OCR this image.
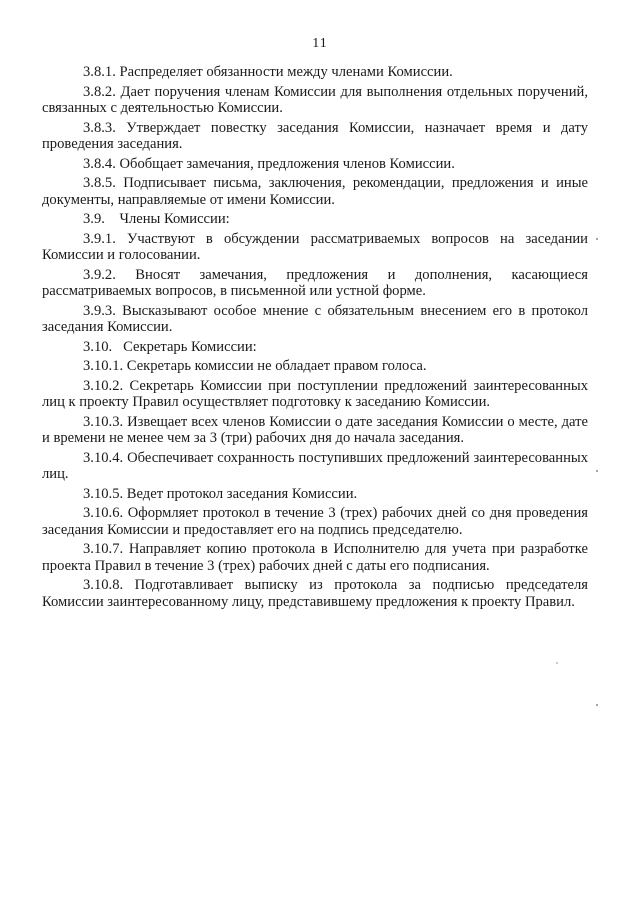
11

3.8.1. Распределяет обязанности между членами Комиссии.

3.8.2. Дает поручения членам Комиссии для выполнения отдельных поручений, связанных с деятельностью Комиссии.

3.8.3. Утверждает повестку заседания Комиссии, назначает время и дату проведения заседания.

3.8.4. Обобщает замечания, предложения членов Комиссии.

3.8.5. Подписывает письма, заключения, рекомендации, предложения и иные документы, направляемые от имени Комиссии.

3.9.    Члены Комиссии:

3.9.1. Участвуют в обсуждении рассматриваемых вопросов на заседании Комиссии и голосовании.

3.9.2. Вносят замечания, предложения и дополнения, касающиеся рассматриваемых вопросов, в письменной или устной форме.

3.9.3. Высказывают особое мнение с обязательным внесением его в протокол заседания Комиссии.

3.10.   Секретарь Комиссии:

3.10.1. Секретарь комиссии не обладает правом голоса.

3.10.2. Секретарь Комиссии при поступлении предложений заинтересованных лиц к проекту Правил осуществляет подготовку к заседанию Комиссии.

3.10.3. Извещает всех членов Комиссии о дате заседания Комиссии о месте, дате и времени не менее чем за 3 (три) рабочих дня до начала заседания.

3.10.4. Обеспечивает сохранность поступивших предложений заинтересованных лиц.

3.10.5. Ведет протокол заседания Комиссии.

3.10.6. Оформляет протокол в течение 3 (трех) рабочих дней со дня проведения заседания Комиссии и предоставляет его на подпись председателю.

3.10.7. Направляет копию протокола в Исполнителю для учета при разработке проекта Правил в течение 3 (трех) рабочих дней с даты его подписания.

3.10.8. Подготавливает выписку из протокола за подписью председателя Комиссии заинтересованному лицу, представившему предложения к проекту Правил.
